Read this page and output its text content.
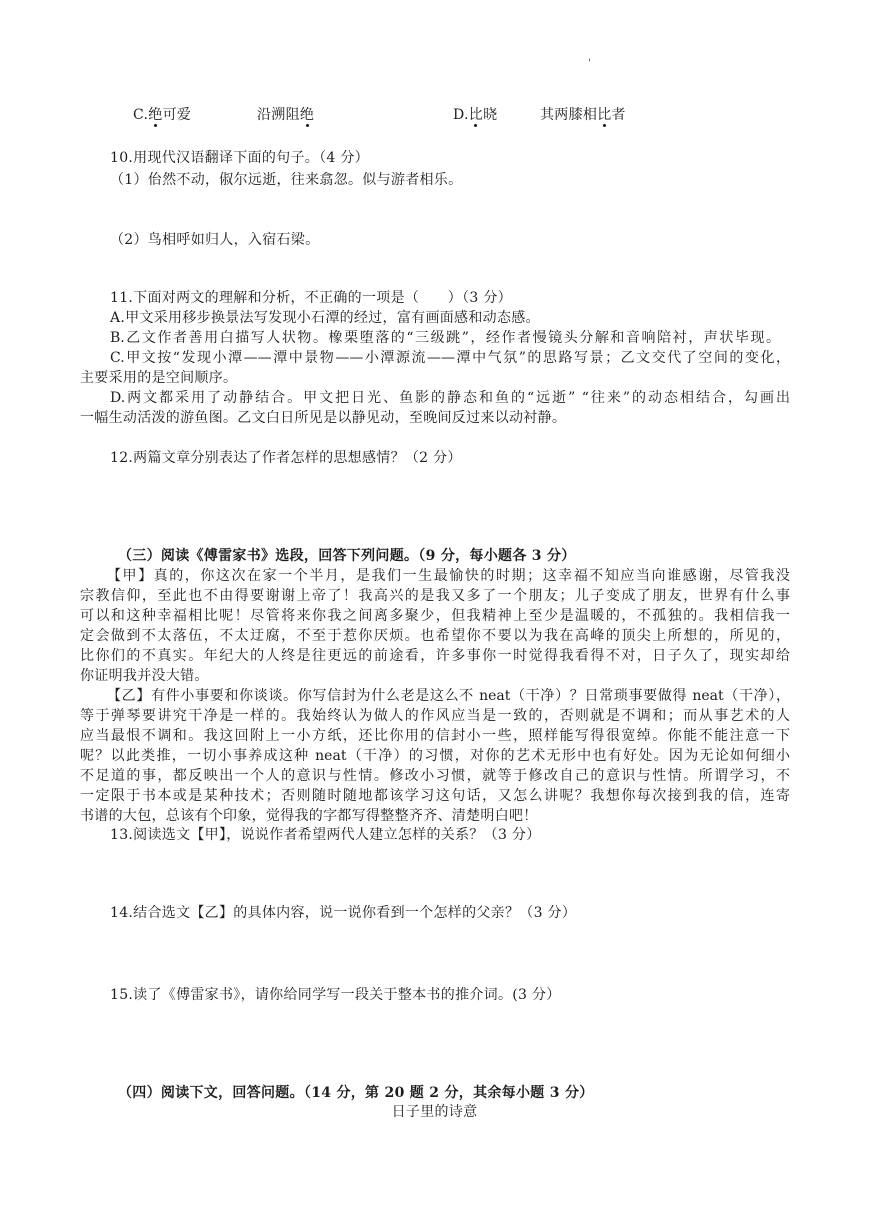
'
C.绝可爱	沿溯阻绝	D.比晓	其两膝相比者
10.用现代汉语翻译下面的句子。（4 分）
（1）佁然不动，俶尔远逝，往来翕忽。似与游者相乐。
（2）鸟相呼如归人，入宿石梁。
11.下面对两文的理解和分析，不正确的一项是（　　）（3 分）
A.甲文采用移步换景法写发现小石潭的经过，富有画面感和动态感。
B.乙文作者善用白描写人状物。橡栗堕落的“三级跳”，经作者慢镜头分解和音响陪衬，声状毕现。
C.甲文按“发现小潭——潭中景物——小潭源流——潭中气氛”的思路写景；乙文交代了空间的变化，
主要采用的是空间顺序。
D.两文都采用了动静结合。甲文把日光、鱼影的静态和鱼的“远逝” “往来”的动态相结合，勾画出
一幅生动活泼的游鱼图。乙文白日所见是以静见动，至晚间反过来以动衬静。
12.两篇文章分别表达了作者怎样的思想感情？（2 分）
（三）阅读《傅雷家书》选段，回答下列问题。（9 分，每小题各 3 分）
【甲】真的，你这次在家一个半月，是我们一生最愉快的时期；这幸福不知应当向谁感谢，尽管我没
宗教信仰，至此也不由得要谢谢上帝了！我高兴的是我又多了一个朋友；儿子变成了朋友，世界有什么事
可以和这种幸福相比呢！尽管将来你我之间离多聚少，但我精神上至少是温暖的，不孤独的。我相信我一
定会做到不太落伍，不太迂腐，不至于惹你厌烦。也希望你不要以为我在高峰的顶尖上所想的，所见的，
比你们的不真实。年纪大的人终是往更远的前途看，许多事你一时觉得我看得不对，日子久了，现实却给
你证明我并没大错。
【乙】有件小事要和你谈谈。你写信封为什么老是这么不 neat（干净）？日常琐事要做得 neat（干净），
等于弹琴要讲究干净是一样的。我始终认为做人的作风应当是一致的，否则就是不调和；而从事艺术的人
应当最恨不调和。我这回附上一小方纸，还比你用的信封小一些，照样能写得很宽绰。你能不能注意一下
呢？以此类推，一切小事养成这种 neat（干净）的习惯，对你的艺术无形中也有好处。因为无论如何细小
不足道的事，都反映出一个人的意识与性情。修改小习惯，就等于修改自己的意识与性情。所谓学习，不
一定限于书本或是某种技术；否则随时随地都该学习这句话，又怎么讲呢？我想你每次接到我的信，连寄
书谱的大包，总该有个印象，觉得我的字都写得整整齐齐、清楚明白吧！
13.阅读选文【甲】，说说作者希望两代人建立怎样的关系？（3 分）
14.结合选文【乙】的具体内容，说一说你看到一个怎样的父亲？（3 分）
15.读了《傅雷家书》，请你给同学写一段关于整本书的推介词。(3 分）
（四）阅读下文，回答问题。（14 分，第 20 题 2 分，其余每小题 3 分）
日子里的诗意
